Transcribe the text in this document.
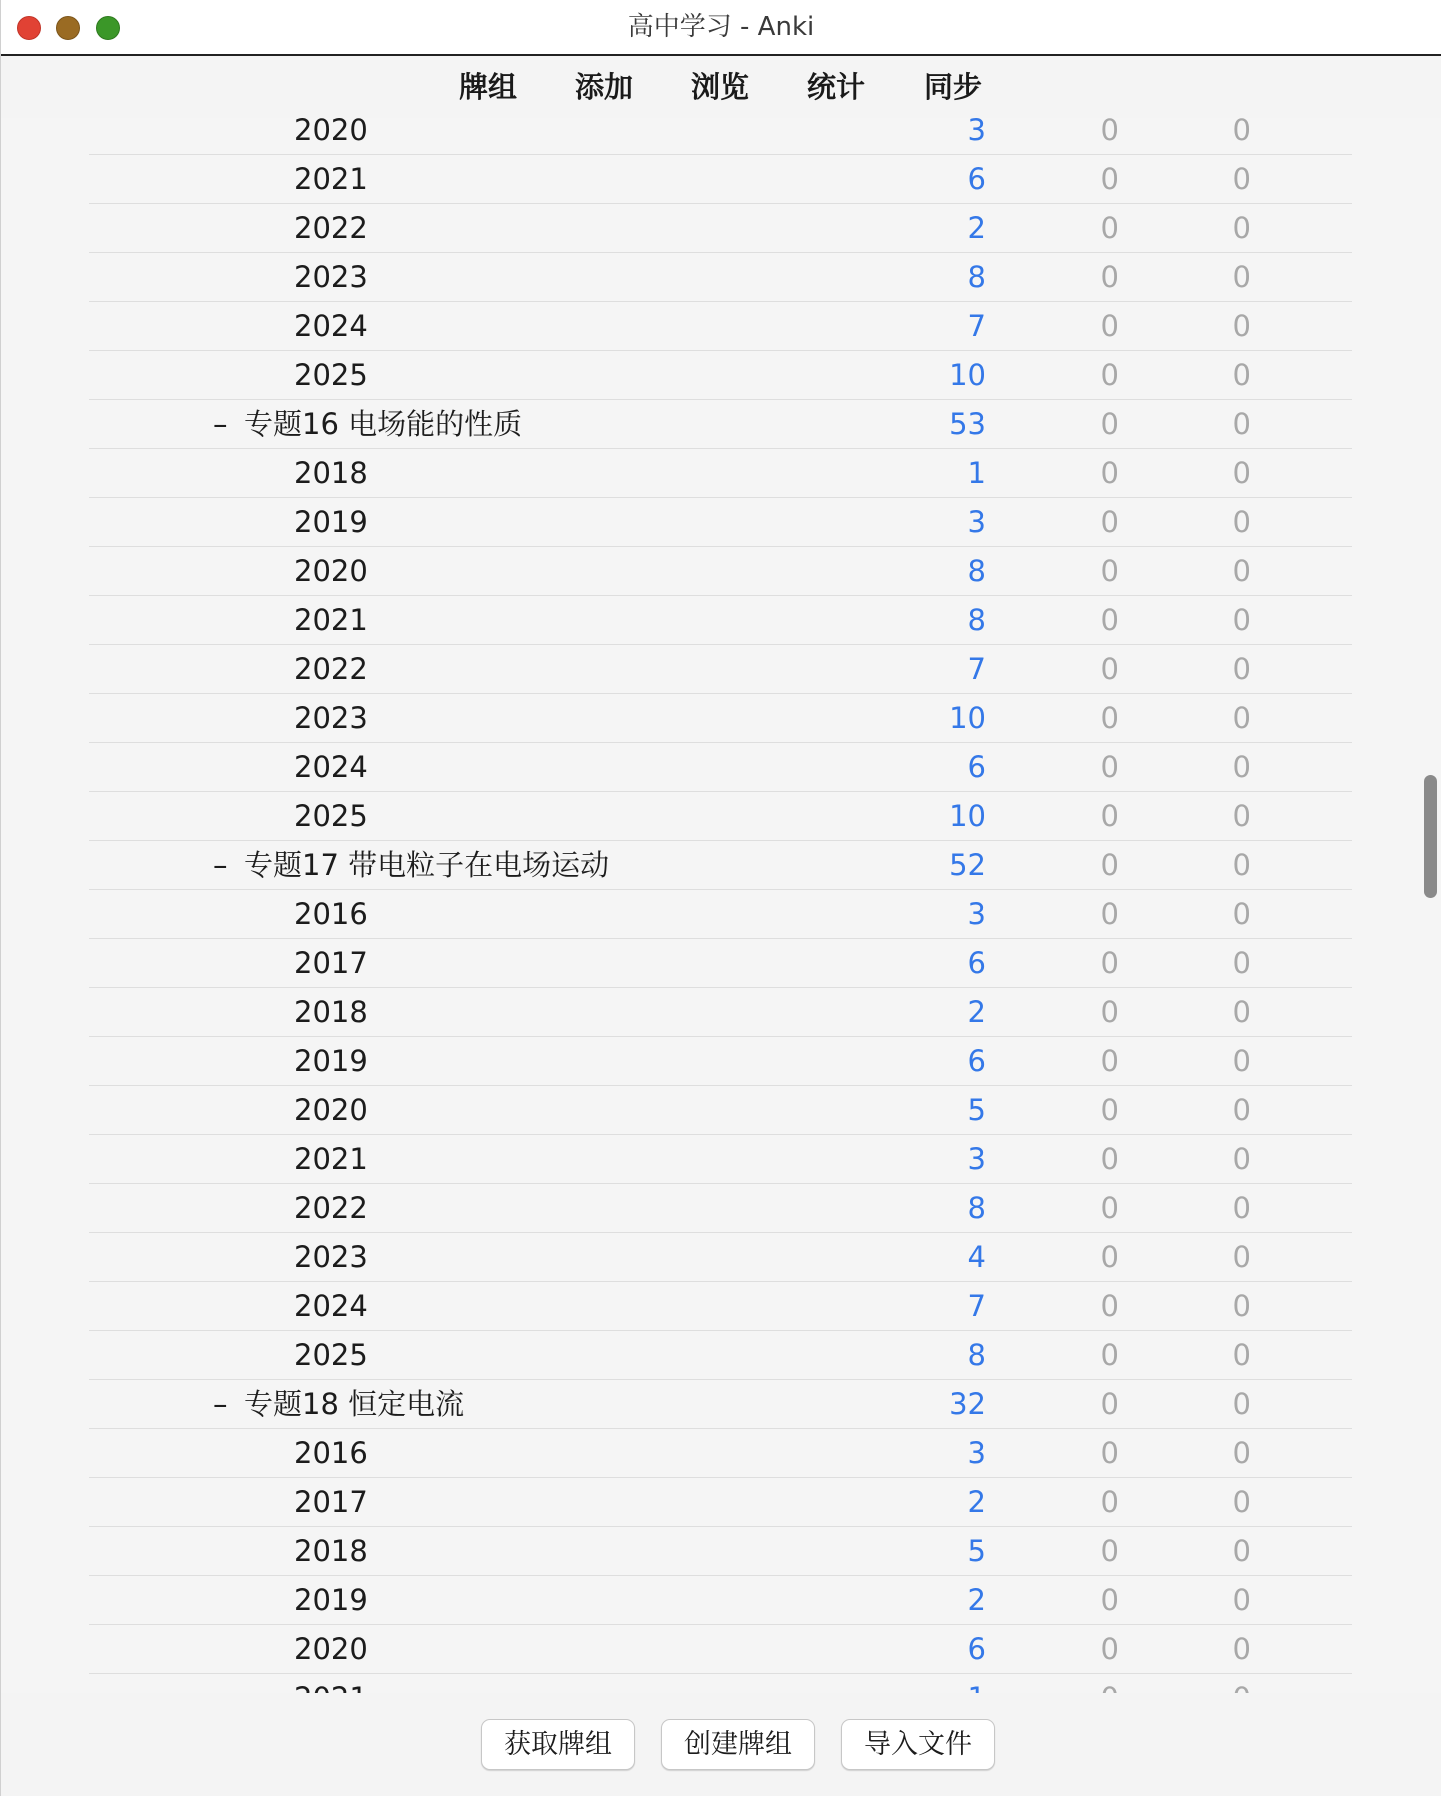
高中学习 - Anki
牌组	添加	浏览	统计	同步
2020	3	0	0
2021	6	0	0
2022	2	0	0
2023	8	0	0
2024	7	0	0
2025	10	0	0
– 专题16 电场能的性质	53	0	0
2018	1	0	0
2019	3	0	0
2020	8	0	0
2021	8	0	0
2022	7	0	0
2023	10	0	0
2024	6	0	0
2025	10	0	0
– 专题17 带电粒子在电场运动	52	0	0
2016	3	0	0
2017	6	0	0
2018	2	0	0
2019	6	0	0
2020	5	0	0
2021	3	0	0
2022	8	0	0
2023	4	0	0
2024	7	0	0
2025	8	0	0
– 专题18 恒定电流	32	0	0
2016	3	0	0
2017	2	0	0
2018	5	0	0
2019	2	0	0
2020	6	0	0
获取牌组	创建牌组	导入文件
